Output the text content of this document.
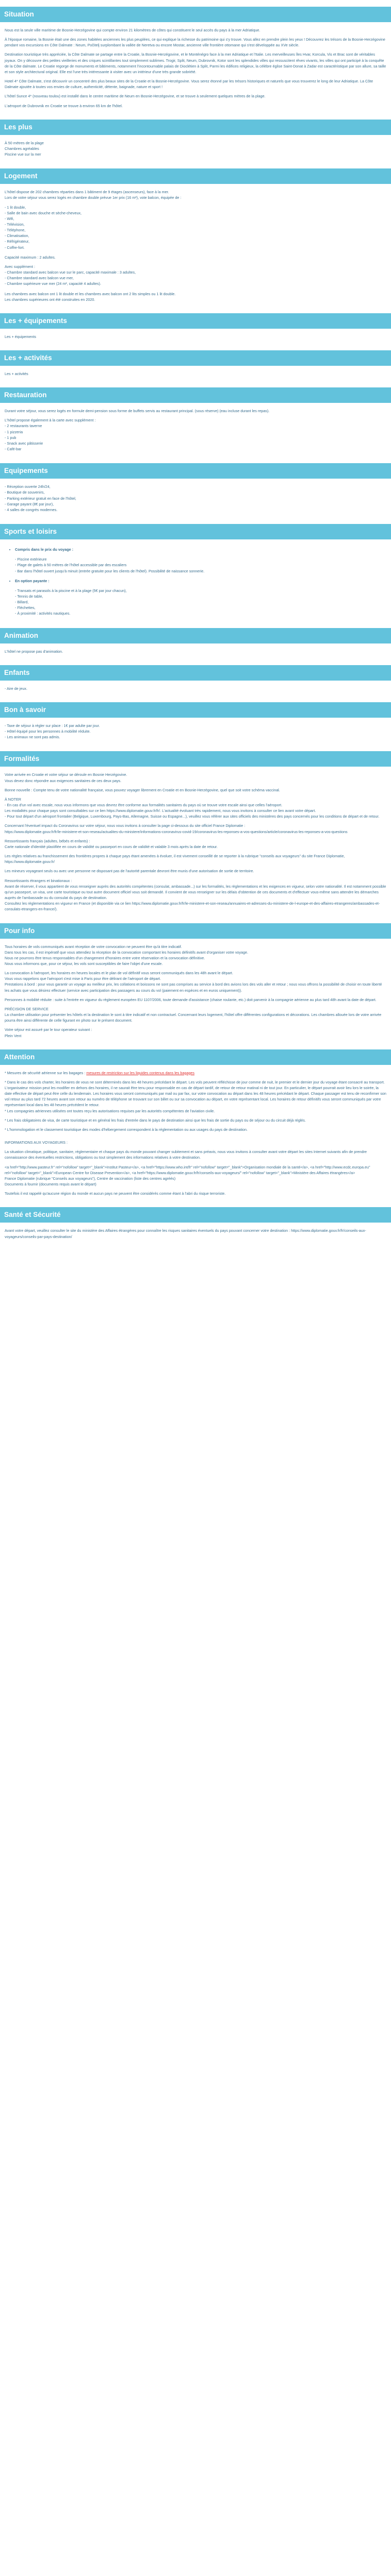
Situation

Nous est la seule ville maritime de Bosnie-Herzégovine qui compte environ 21 kilomètres de côtes qui constituent le seul accès du pays à la mer Adriatique.

À l'époque romaine, la Bosnie était une des zones habitées anciennes les plus peuplées, ce qui explique la richesse du patrimoine qui s'y trouve. Vous allez en prendre plein les yeux ! Découvrez les trésors de la Bosnie-Herzégovine pendant vos excursions en Côte Dalmate : Neum, Počitelj surplombant la vallée de Neretva ou encore Mostar, ancienne ville frontière ottomane qui s'est développée au XVe siècle.

Destination touristique très appréciée, la Côte Dalmate se partage entre la Croatie, la Bosnie-Herzégovine, et le Monténégro face à la mer Adriatique et l'Italie. Les merveilleuses îles Hvar, Korcula, Vis et Brac sont de véritables joyaux. On y découvre des petites vieilleries et des criques scintillantes tout simplement sublimes. Trogir, Split, Neum, Dubrovnik, Kotor sont les splendides villes qui ressuscitent rêves vivants, les villes qui ont participé à la conquête de la Côte dalmate. Le Croatie regorge de monuments et bâtiments, notamment l'incontournable palais de Dioclétien à Split, Parmi les édifices religieux, la célèbre église Saint-Donat à Zadar est caractéristique par son allure, sa taille et son style architectural original. Elle est l'une très intéressante à visiter avec un intérieur d'une très grande sobriété.

Hotel 4* Côte Dalmate, s'est découvrir un concentré des plus beaux sites de la Croatie et la Bosnie-Herzégovine. Vous serez étonné par les trésors historiques et naturels que vous trouverez le long de leur Adriatique. La Côte Dalmate ajoutée à toutes vos envies de culture, authenticité, détente, baignade, nature et sport !

L'hôtel Sunce 4* (nouveau toulou) est installé dans le centre maritime de Neum en Bosnie-Herzégovine, et se trouve à seulement quelques mètres de la plage.

L'aéroport de Dubrovnik en Croatie se trouve à environ 65 km de l'hôtel.

Les plus
À 50 mètres de la plage
Chambres agréables
Piscine vue sur la mer
Logement

L'hôtel dispose de 202 chambres réparties dans 1 bâtiment de 9 étages (ascenseurs), face à la mer.
Lors de votre séjour vous serez logés en chambre double prévue 1er prix (16 m²), vote balcon, équipée de :

- 1 lit double,
- Salle de bain avec douche et sèche-cheveux,
- Wifi,
- Télévision,
- Téléphone,
- Climatisation,
- Réfrigérateur,
- Coffre-fort.

Capacité maximum : 2 adultes.

Avec supplément :

- Chambre standard avec balcon vue sur le parc, capacité maximale : 3 adultes,
- Chambre standard avec balcon vue mer,
- Chambre supérieure vue mer (24 m², capacité 4 adultes).

Les chambres avec balcon ont 1 lit double et les chambres avec balcon ont 2 lits simples ou 1 lit double.
Les chambres supérieures ont été construites en 2020.

Les + équipements

Les + équipements

Les + activités

Les + activités

Restauration

Durant votre séjour, vous serez logés en formule demi-pension sous forme de buffets servis au restaurant principal. (sous réserve) (eau incluse durant les repas).

L'hôtel propose également à la carte avec supplément :

- 2 restaurants taverne
- 1 pizzeria
- 1 pub
- Snack avec pâtisserie
- Café-bar
Equipements
- Réception ouverte 24h/24,
- Boutique de souvenirs,
- Parking extérieur gratuit en face de l'hôtel,
- Garage payant (8€ par jour),
- 4 salles de congrès modernes.
Sports et loisirs
• Compris dans le prix du voyage :
- Piscine extérieure
- Plage de galets à 50 mètres de l'hôtel accessible par des escaliers
- Bar dans l'hôtel ouvert jusqu'à minuit (entrée gratuite pour les clients de l'hôtel). Possibilité de naissance sonnerie.
• En option payante :
- Transats et parasols à la piscine et à la plage (5€ par jour chacun),
- Tennis de table,
- Billard,
- Fléchettes,
- À proximité : activités nautiques.
Animation

L'hôtel ne propose pas d'animation.

Enfants

- Aire de jeux.

Bon à savoir
- Taxe de séjour à régler sur place : 1€ par adulte par jour.
- Hôtel équipé pour les personnes à mobilité réduite.
- Les animaux ne sont pas admis.
Formalités

Votre arrivée en Croatie et votre séjour se déroule en Bosnie Herzégovine.
Vous devez donc répondre aux exigences sanitaires de ces deux pays.

Bonne nouvelle : Compte tenu de votre nationalité française, vous pouvez voyager librement en Croatie et en Bosnie-Herzégovine, quel que soit votre schéma vaccinal.

À NOTER
- En cas d'un vol avec escale, nous vous informons que vous devrez être conforme aux formalités sanitaires du pays où se trouve votre escale ainsi que celles l'aéroport.
Les modalités pour chaque pays sont consultables sur ce lien https://www.diplomatie.gouv.fr/fr/. L'actualité évoluant très rapidement, nous vous invitons à consulter ce lien avant votre départ.
- Pour tout départ d'un aéroport frontalier (Belgique, Luxembourg, Pays-Bas, Allemagne, Suisse ou Espagne...), veuillez vous référer aux sites officiels des ministères des pays concernés pour les conditions de départ et de retour.

Concernant l'éventuel impact du Coronavirus sur votre séjour, nous vous invitons à consulter la page ci-dessous du site officiel France Diplomatie :
https://www.diplomatie.gouv.fr/fr/le-ministere-et-son-reseau/actualites-du-ministere/informations-coronavirus-covid-19/coronavirus-les-reponses-a-vos-questions/article/coronavirus-les-reponses-a-vos-questions

Ressortissants français (adultes, bébés et enfants) :
Carte nationale d'identité plastifiée en cours de validité ou passeport en cours de validité et valable 3 mois après la date de retour.

Les règles relatives au franchissement des frontières propres à chaque pays étant amenées à évoluer, il est vivement conseillé de se reporter à la rubrique "conseils aux voyageurs" du site France Diplomatie,
https://www.diplomatie.gouv.fr/

Les mineurs voyageant seuls ou avec une personne ne disposant pas de l'autorité parentale devront être munis d'une autorisation de sortie de territoire.

Ressortissants étrangers et binationaux :
Avant de réserver, il vous appartient de vous renseigner auprès des autorités compétentes (consulat, ambassade...) sur les formalités, les règlementations et les exigences en vigueur, selon votre nationalité. Il est notamment possible qu'un passeport, un visa, une carte touristique ou tout autre document officiel vous soit demandé. Il convient de vous renseigner sur les délais d'obtention de ces documents et d'effectuer vous-même sans attendre les démarches auprès de l'ambassade ou du consulat du pays de destination.
Consultez les règlementations en vigueur en France (et disponible via ce lien https://www.diplomatie.gouv.fr/fr/le-ministere-et-son-reseau/annuaires-et-adresses-du-ministere-de-l-europe-et-des-affaires-etrangeres/ambassades-et-consulats-etrangers-en-france/).

Pour info

Tous horaires de vols communiqués avant réception de votre convocation ne peuvent être qu'à titre indicatif.
Dans tous les cas, il est impératif que vous attendiez la réception de la convocation comportant les horaires définitifs avant d'organiser votre voyage.
Nous ne pourrons être tenus responsables d'un changement d'horaires entre votre réservation et la convocation définitive.
Nous vous informons que, pour ce séjour, les vols sont susceptibles de faire l'objet d'une escale.

La convocation à l'aéroport, les horaires en heures locales et le plan de vol définitif vous seront communiqués dans les 48h avant le départ.
Vous vous rappelons que l'aéroport s'est mise à Paris pour être délirant de l'aéroport de départ.
Prestations à bord : pour vous garantir un voyage au meilleur prix, les collations et boissons ne sont pas comprises au service à bord des avions lors des vols aller et retour ; nous vous offrons la possibilité de choisir en toute liberté les achats que vous désirez effectuer (service avec participation des passagers au cours du vol (paiement en espèces et en euros uniquement)).

Personnes à mobilité réduite : suite à l'entrée en vigueur du règlement européen EU 1107/2006, toute demande d'assistance (chaise roulante, etc.) doit parvenir à la compagnie aérienne au plus tard 48h avant la date de départ.

PRÉCISION DE SERVICE
La chambre utilisation pour présenter les hôtels et la destination le sont à titre indicatif et non contractuel. Concernant leurs logement, l'hôtel offre différentes configurations et décorations. Les chambres allouée lors de votre arrivée pourra être ainsi différente de celle figurant en photo sur le présent document.

Votre séjour est assuré par le tour operateur suivant :
Plein Vent

Attention

* Mesures de sécurité aérienne sur les bagages : mesures de restriction sur les liquides contenus dans les bagages

* Dans le cas des vols charter, les horaires de vous ne sont déterminés dans les 48 heures précédant le départ. Les vols peuvent réfléchisse de jour comme de nuit, le premier et le dernier jour du voyage étant consacré au transport. L'organisateur mission peut les modifier en dehors des horaires, il ne saurait être tenu pour responsable en cas de départ tardif, de retour de retour matinal ni de tout jour. En particulier, le départ pourrait avoir lieu lors le soirée, la date effective de départ peut être celle du lendemain. Les horaires vous seront communiqués par mail ou par fax, sur votre convocation au départ dans les 48 heures précédant le départ. Chaque passager est tenu de reconfirmer son vol retour au plus tard 72 heures avant son retour au numéro de téléphone se trouvant sur son billet ou sur sa convocation au départ, en votre représentant local. Les horaires de retour définitifs vous seront communiqués par votre représentant local dans les 48 heures précédent le retour.
* Les compagnies aériennes utilisées ont toutes reçu les autorisations requises par les autorités compétentes de l'aviation civile.

* Les frais obligatoires de visa, de carte touristique et en général les frais d'entrée dans le pays de destination ainsi que les frais de sortie du pays ou de séjour ou du circuit déjà réglés.

* L'hommologation et le classement touristique des modes d'hébergement correspondent à la réglementation ou aux usages du pays de destination.

INFORMATIONS AUX VOYAGEURS :

La situation climatique, politique, sanitaire, réglementaire et chaque pays du monde pouvant changer subitement et sans préavis, nous vous invitons à consulter avant votre départ les sites Internet suivants afin de prendre connaissance des éventuelles restrictions, obligations ou tout simplement des informations relatives à votre destination.

<a href="http://www.pasteur.fr" rel="nofollow" target="_blank">Institut Pasteur</a>, <a href="https://www.who.int/fr" rel="nofollow" target="_blank">Organisation mondiale de la santé</a>, <a href="http://www.ecdc.europa.eu" rel="nofollow" target="_blank">European Centre for Disease Prevention</a>, <a href="https://www.diplomatie.gouv.fr/fr/conseils-aux-voyageurs/" rel="nofollow" target="_blank">Ministère des Affaires étrangères</a>
France Diplomatie (rubrique "Conseils aux voyageurs"), Centre de vaccination (liste des centres agréés)
Documents à fournir (documents requis avant le départ)

Toutefois il est rappelé qu'aucune région du monde et aucun pays ne peuvent être considérés comme étant à l'abri du risque terroriste.

Santé et Sécurité

Avant votre départ, veuillez consulter le site du ministère des Affaires étrangères pour connaître les risques sanitaires éventuels du pays pouvant concerner votre destination : https://www.diplomatie.gouv.fr/fr/conseils-aux-voyageurs/conseils-par-pays-destination/
